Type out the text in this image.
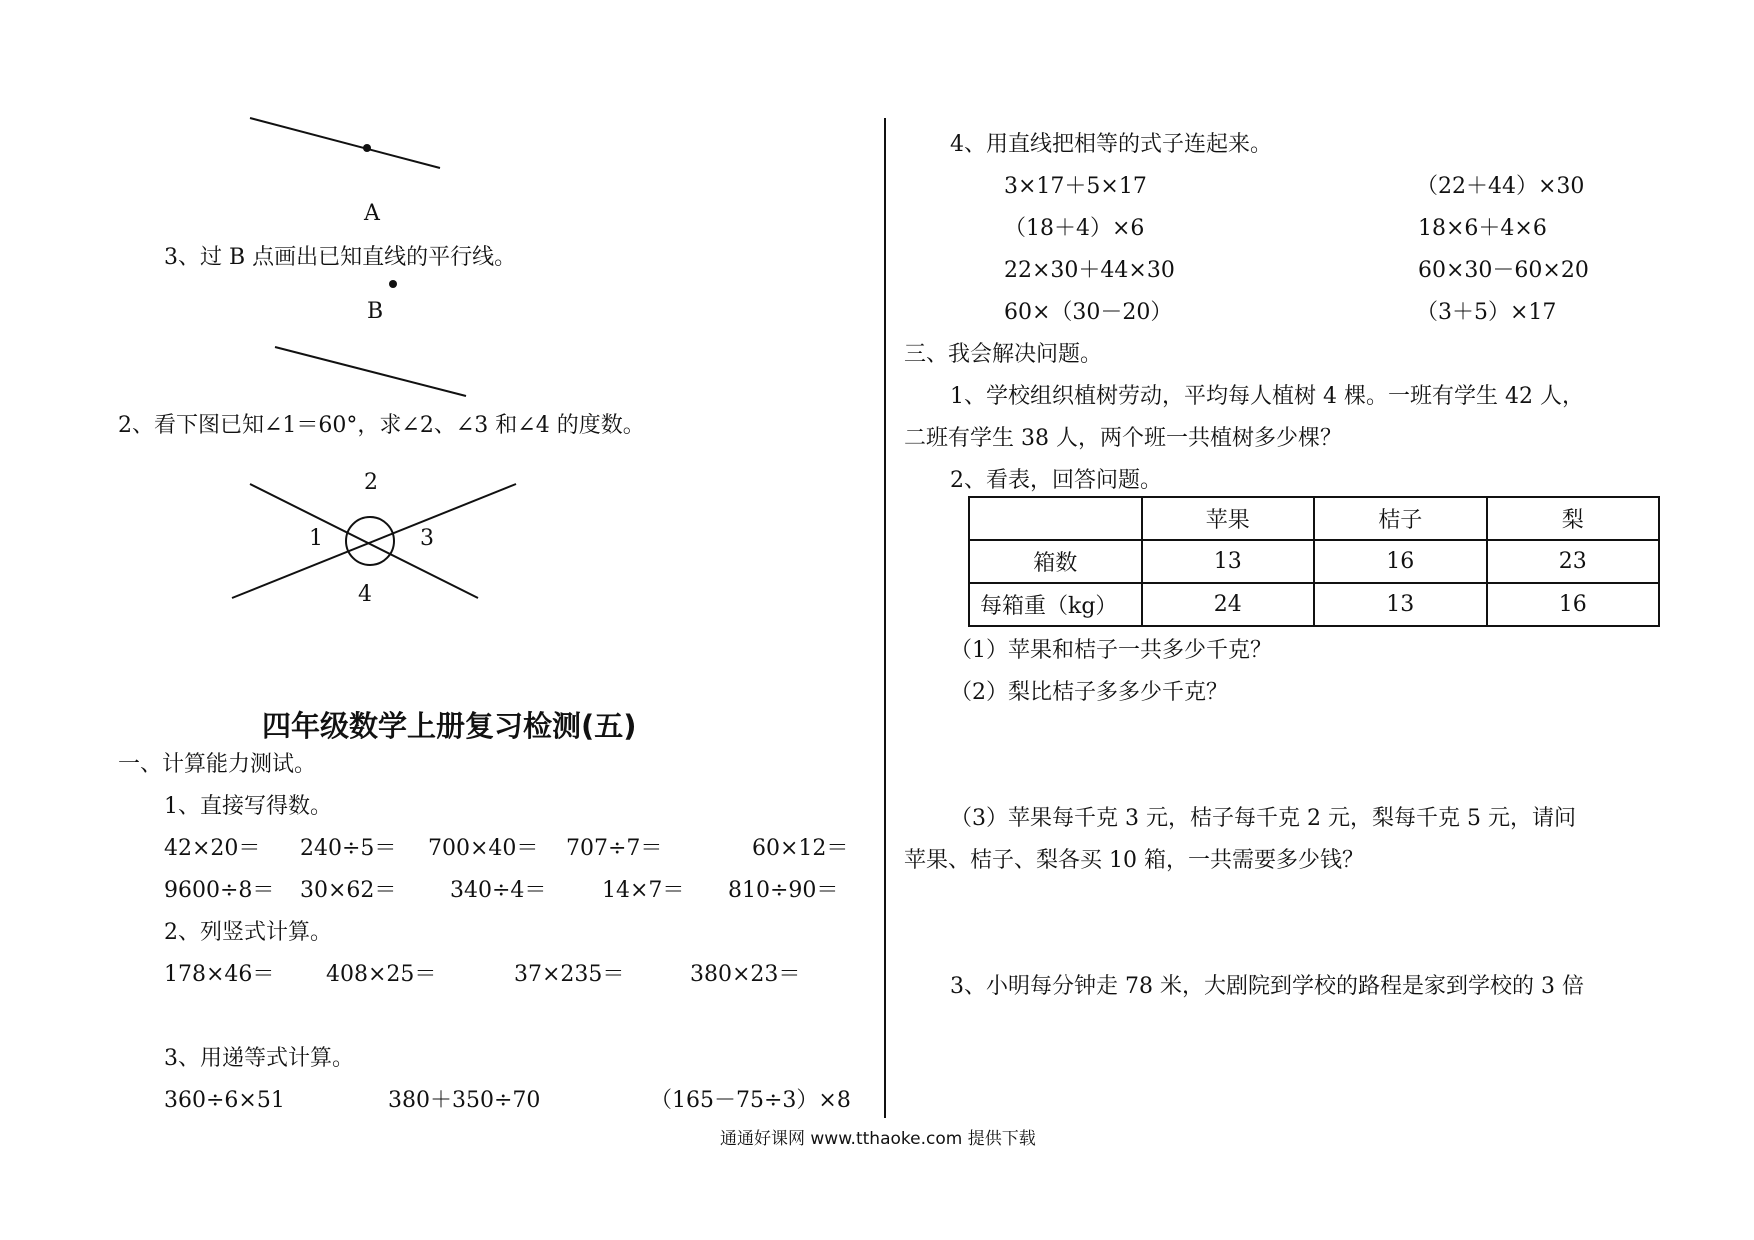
A
3、过 B 点画出已知直线的平行线。
B
2、看下图已知∠1＝60°，求∠2、∠3 和∠4 的度数。
2
1	3
4
四年级数学上册复习检测(五)
一、计算能力测试。
1、直接写得数。
42×20＝ 240÷5＝ 700×40＝ 707÷7＝	60×12＝
9600÷8＝ 30×62＝ 340÷4＝	14×7＝ 810÷90＝
2、列竖式计算。
178×46＝ 408×25＝	37×235＝	380×23＝
3、用递等式计算。
360÷6×51	380＋350÷70	（165－75÷3）×8
4、用直线把相等的式子连起来。
3×17＋5×17
（18＋4）×6
22×30＋44×30
60×（30－20）
（22＋44）×30
18×6＋4×6
60×30－60×20
（3＋5）×17
三、我会解决问题。
1、学校组织植树劳动，平均每人植树 4 棵。一班有学生 42 人，
二班有学生 38 人，两个班一共植树多少棵？
2、看表，回答问题。
	苹果	桔子	梨
箱数	13	16	23
每箱重（kg）	24	13	16
（1）苹果和桔子一共多少千克？
（2）梨比桔子多多少千克？
（3）苹果每千克 3 元，桔子每千克 2 元，梨每千克 5 元，请问
苹果、桔子、梨各买 10 箱，一共需要多少钱？
3、小明每分钟走 78 米，大剧院到学校的路程是家到学校的 3 倍
通通好课网 www.tthaoke.com 提供下载
